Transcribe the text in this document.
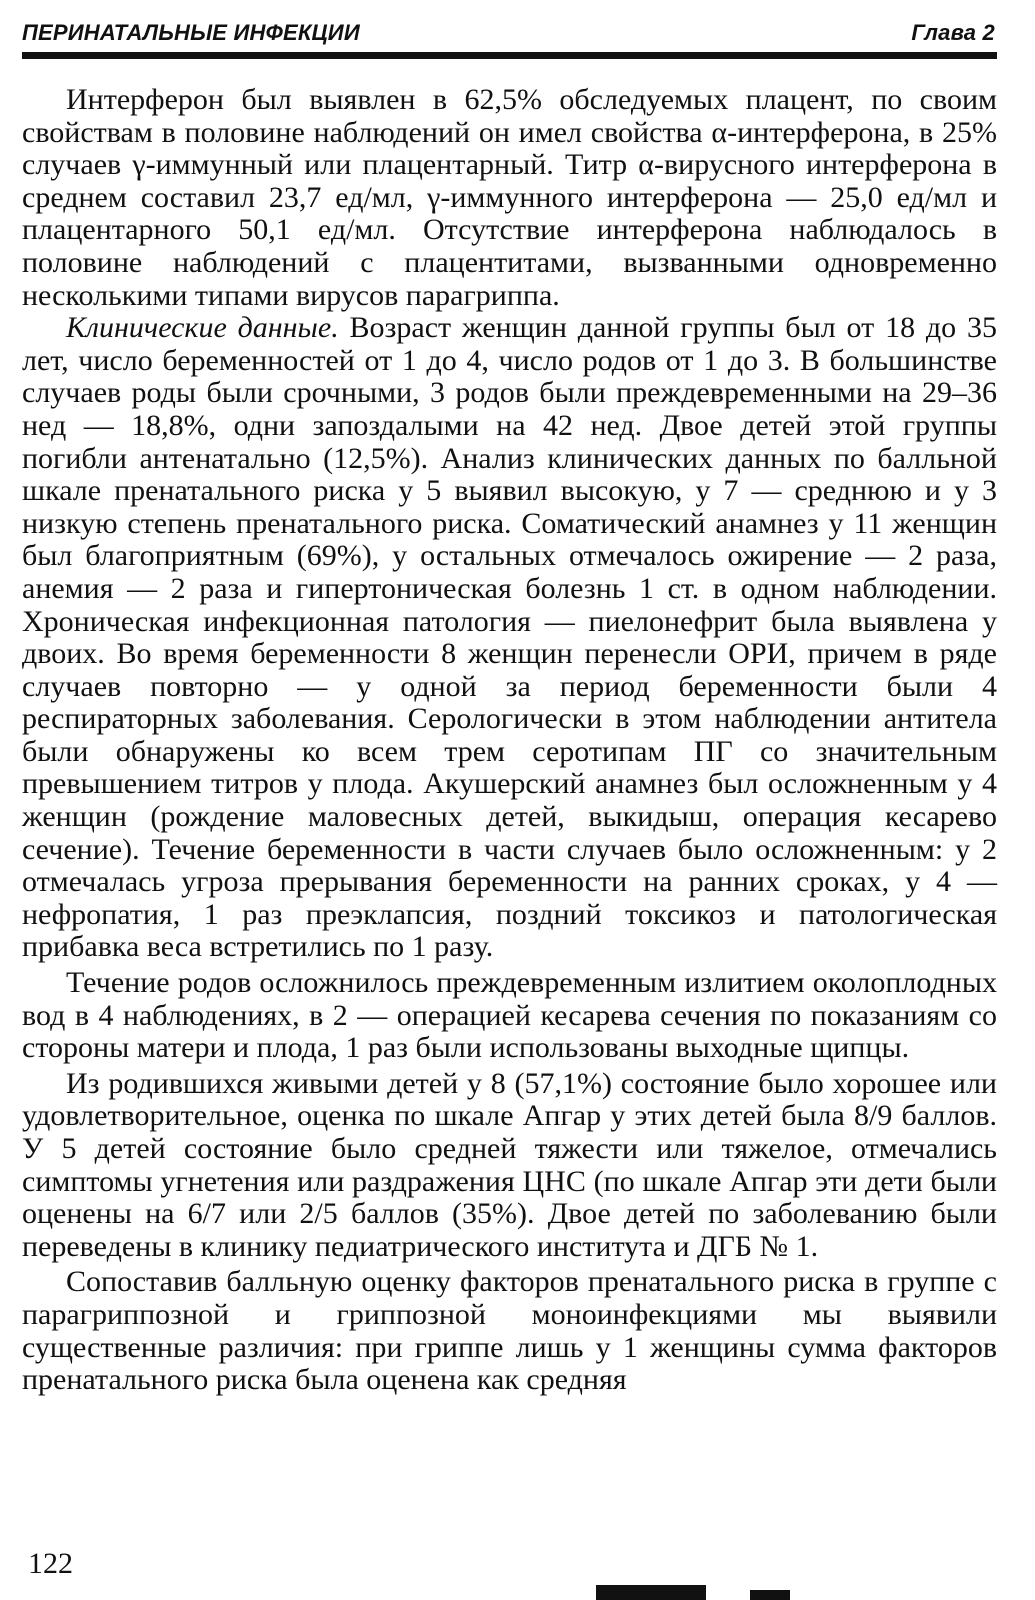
ПЕРИНАТАЛЬНЫЕ ИНФЕКЦИИ	Глава 2

Интерферон был выявлен в 62,5% обследуемых плацент, по своим свойствам в половине наблюдений он имел свойства α-интерферона, в 25% случаев γ-иммунный или плацентарный. Титр α-вирусного интерферона в среднем составил 23,7 ед/мл, γ-иммунного интерферона — 25,0 ед/мл и плацентарного 50,1 ед/мл. Отсутствие интерферона наблюдалось в половине наблюдений с плацентитами, вызванными одновременно несколькими типами вирусов парагриппа.

Клинические данные. Возраст женщин данной группы был от 18 до 35 лет, число беременностей от 1 до 4, число родов от 1 до 3. В большинстве случаев роды были срочными, 3 родов были преждевременными на 29–36 нед — 18,8%, одни запоздалыми на 42 нед. Двое детей этой группы погибли антенатально (12,5%). Анализ клинических данных по балльной шкале пренатального риска у 5 выявил высокую, у 7 — среднюю и у 3 низкую степень пренатального риска. Соматический анамнез у 11 женщин был благоприятным (69%), у остальных отмечалось ожирение — 2 раза, анемия — 2 раза и гипертоническая болезнь 1 ст. в одном наблюдении. Хроническая инфекционная патология — пиелонефрит была выявлена у двоих. Во время беременности 8 женщин перенесли ОРИ, причем в ряде случаев повторно — у одной за период беременности были 4 респираторных заболевания. Серологически в этом наблюдении антитела были обнаружены ко всем трем серотипам ПГ со значительным превышением титров у плода. Акушерский анамнез был осложненным у 4 женщин (рождение маловесных детей, выкидыш, операция кесарево сечение). Течение беременности в части случаев было осложненным: у 2 отмечалась угроза прерывания беременности на ранних сроках, у 4 — нефропатия, 1 раз преэклапсия, поздний токсикоз и патологическая прибавка веса встретились по 1 разу.

Течение родов осложнилось преждевременным излитием околоплодных вод в 4 наблюдениях, в 2 — операцией кесарева сечения по показаниям со стороны матери и плода, 1 раз были использованы выходные щипцы.

Из родившихся живыми детей у 8 (57,1%) состояние было хорошее или удовлетворительное, оценка по шкале Апгар у этих детей была 8/9 баллов. У 5 детей состояние было средней тяжести или тяжелое, отмечались симптомы угнетения или раздражения ЦНС (по шкале Апгар эти дети были оценены на 6/7 или 2/5 баллов (35%). Двое детей по заболеванию были переведены в клинику педиатрического института и ДГБ № 1.

Сопоставив балльную оценку факторов пренатального риска в группе с парагриппозной и гриппозной моноинфекциями мы выявили существенные различия: при гриппе лишь у 1 женщины сумма факторов пренатального риска была оценена как средняя

122
